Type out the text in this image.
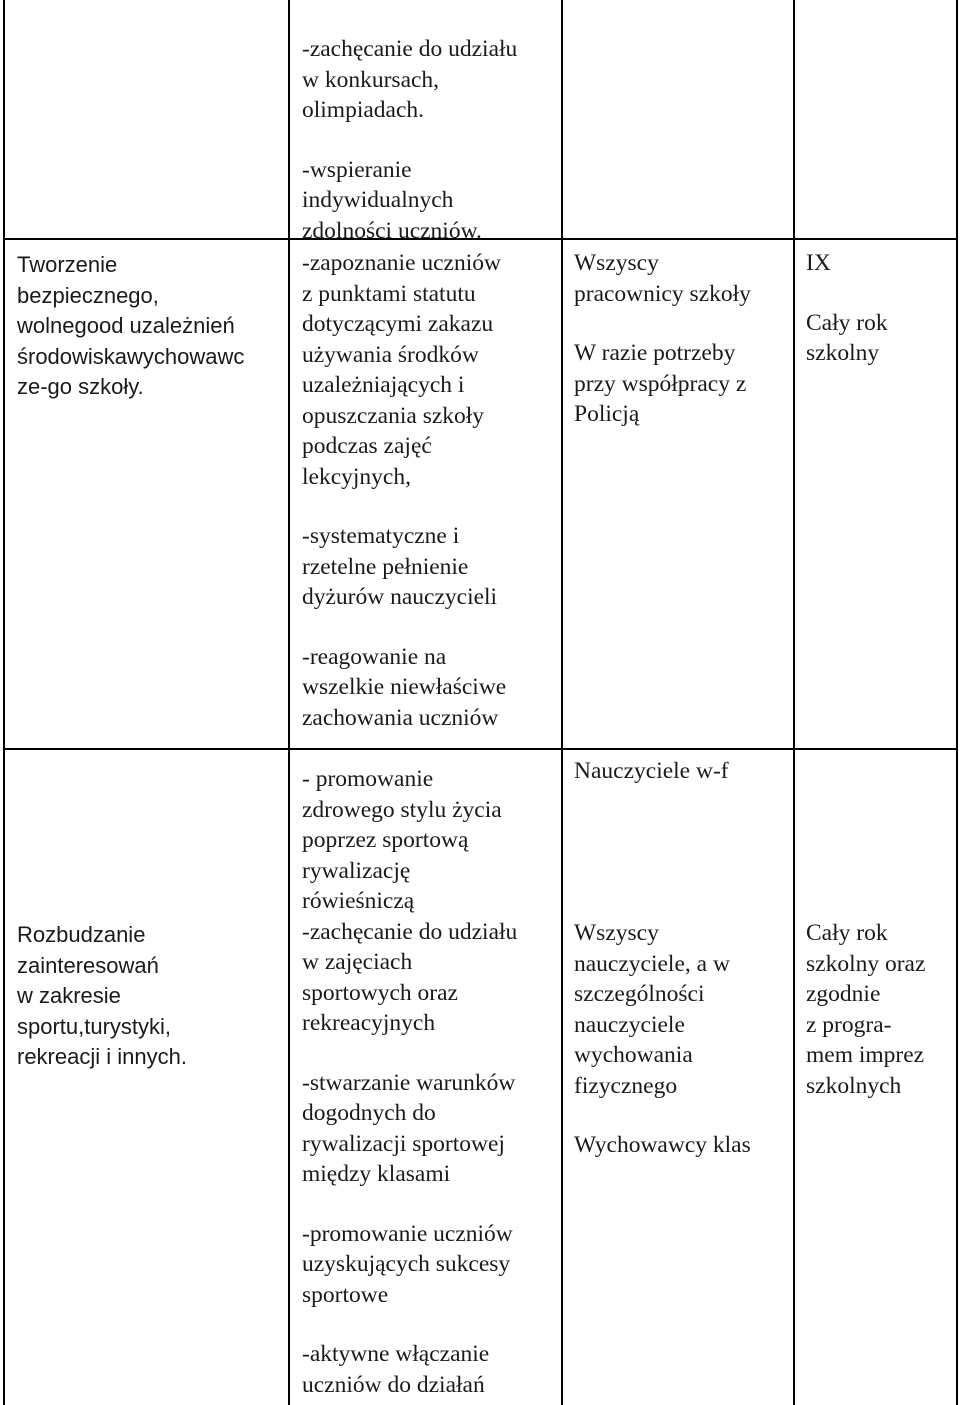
Tworzenie

bezpiecznego,

wolnegood uzależnień

środowiskawychowawc

ze-go szkoły.

Rozbudzanie

zainteresowań

w zakresie

sportu,turystyki,

rekreacji i innych.

-zachęcanie do udziału

w konkursach,

olimpiadach.

-wspieranie

indywidualnych

zdolności uczniów.

-zapoznanie uczniów

z punktami statutu

dotyczącymi zakazu

używania środków

uzależniających i

opuszczania szkoły

podczas zajęć

lekcyjnych,

-systematyczne i

rzetelne pełnienie

dyżurów nauczycieli

-reagowanie na

wszelkie niewłaściwe

zachowania uczniów

- promowanie

zdrowego stylu życia

poprzez sportową

rywalizację

rówieśniczą

-zachęcanie do udziału

w zajęciach

sportowych oraz

rekreacyjnych

-stwarzanie warunków

dogodnych do

rywalizacji sportowej

między klasami

-promowanie uczniów

uzyskujących sukcesy

sportowe

-aktywne włączanie

uczniów do działań

Wszyscy

pracownicy szkoły

W razie potrzeby

przy współpracy z

Policją

Nauczyciele w-f

Wszyscy

nauczyciele, a w

szczególności

nauczyciele

wychowania

fizycznego

Wychowawcy klas

IX

Cały rok

szkolny

Cały rok

szkolny oraz

zgodnie

z progra-

mem imprez

szkolnych
